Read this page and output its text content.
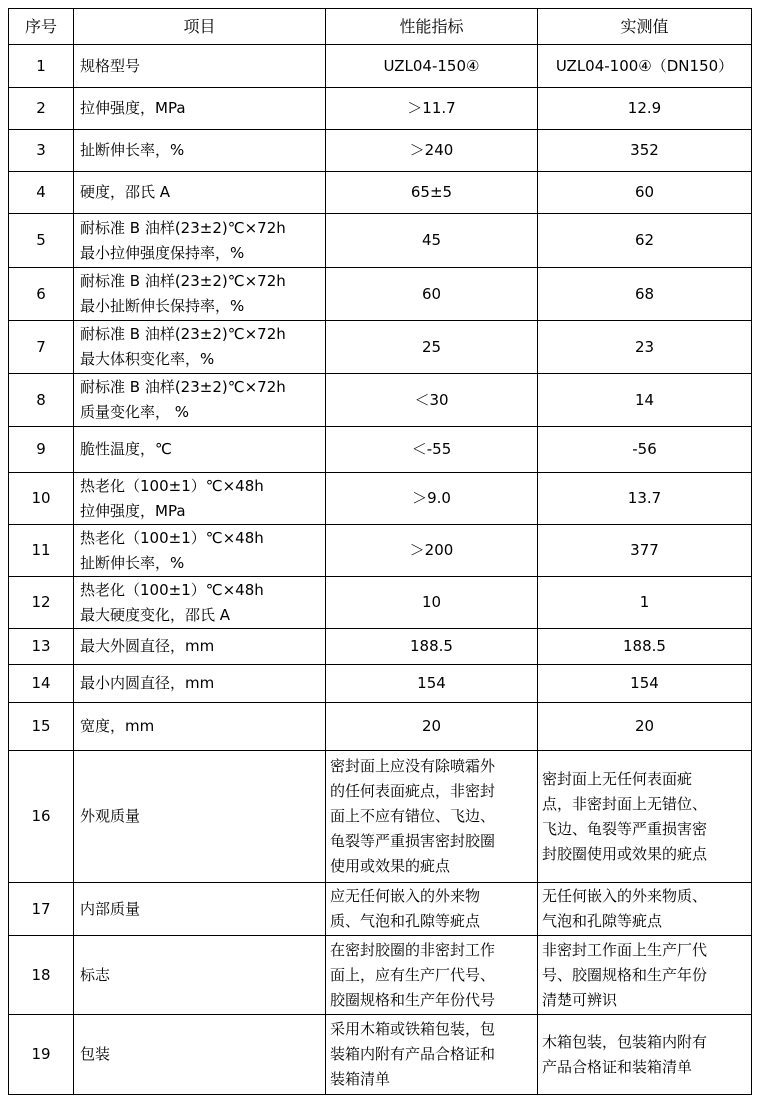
序号	项目	性能指标	实测值
1	规格型号	UZL04-150④	UZL04-100④（DN150）

2	拉伸强度，MPa	＞11.7	12.9

3	扯断伸长率，%	＞240	352

4	硬度，邵氏 A	65±5	60

5	耐标准 B 油样(23±2)℃×72h
最小拉伸强度保持率，%	45	62

6	耐标准 B 油样(23±2)℃×72h
最小扯断伸长保持率，%	60	68

7	耐标准 B 油样(23±2)℃×72h
最大体积变化率，%	25	23

8	耐标准 B 油样(23±2)℃×72h
质量变化率， %	＜30	14

9	脆性温度，℃	＜-55	-56

10	热老化（100±1）℃×48h
拉伸强度，MPa	＞9.0	13.7

11	热老化（100±1）℃×48h
扯断伸长率，%	＞200	377

12	热老化（100±1）℃×48h
最大硬度变化，邵氏 A	10	1

13	最大外圆直径，mm	188.5	188.5

14	最小内圆直径，mm	154	154

15	宽度，mm	20	20

16	外观质量	密封面上应没有除喷霜外
的任何表面疵点，非密封
面上不应有错位、飞边、
龟裂等严重损害密封胶圈
使用或效果的疵点	密封面上无任何表面疵
点，非密封面上无错位、
飞边、龟裂等严重损害密
封胶圈使用或效果的疵点

17	内部质量	应无任何嵌入的外来物
质、气泡和孔隙等疵点	无任何嵌入的外来物质、
气泡和孔隙等疵点

18	标志	在密封胶圈的非密封工作
面上，应有生产厂代号、
胶圈规格和生产年份代号	非密封工作面上生产厂代
号、胶圈规格和生产年份
清楚可辨识

19	包装	采用木箱或铁箱包装，包
装箱内附有产品合格证和
装箱清单	木箱包装，包装箱内附有
产品合格证和装箱清单
